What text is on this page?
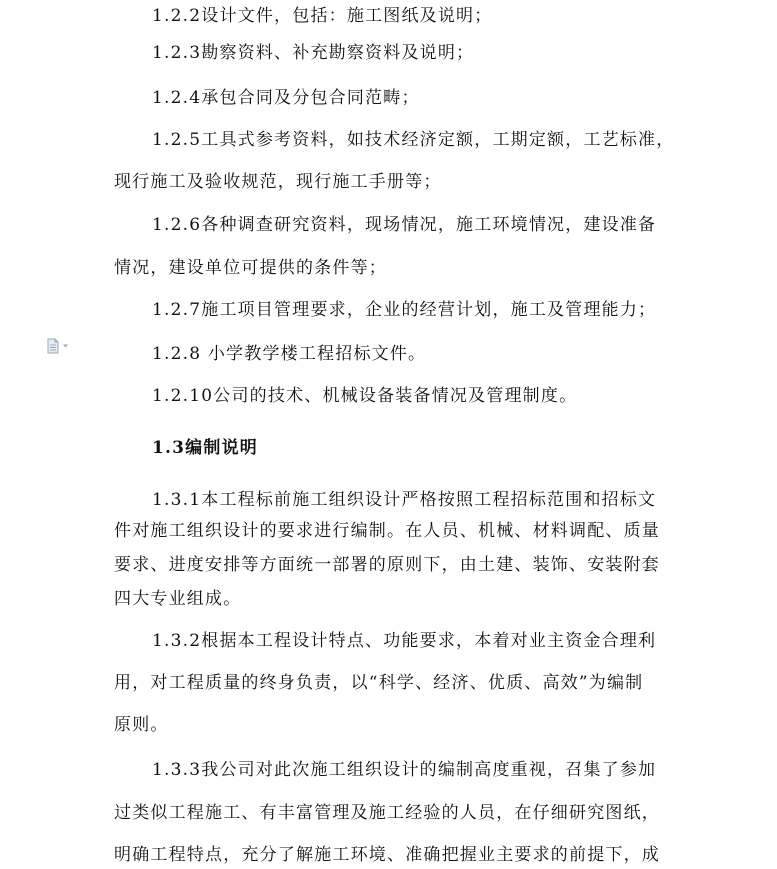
1.2.2设计文件，包括：施工图纸及说明；
1.2.3勘察资料、补充勘察资料及说明；
1.2.4承包合同及分包合同范畴；
1.2.5工具式参考资料，如技术经济定额，工期定额，工艺标准，
现行施工及验收规范，现行施工手册等；
1.2.6各种调查研究资料，现场情况，施工环境情况，建设准备
情况，建设单位可提供的条件等；
1.2.7施工项目管理要求，企业的经营计划，施工及管理能力；
1.2.8 小学教学楼工程招标文件。
1.2.10公司的技术、机械设备装备情况及管理制度。
1.3编制说明
1.3.1本工程标前施工组织设计严格按照工程招标范围和招标文
件对施工组织设计的要求进行编制。在人员、机械、材料调配、质量
要求、进度安排等方面统一部署的原则下，由土建、装饰、安装附套
四大专业组成。
1.3.2根据本工程设计特点、功能要求，本着对业主资金合理利
用，对工程质量的终身负责，以“科学、经济、优质、高效”为编制
原则。
1.3.3我公司对此次施工组织设计的编制高度重视，召集了参加
过类似工程施工、有丰富管理及施工经验的人员，在仔细研究图纸，
明确工程特点，充分了解施工环境、准确把握业主要求的前提下，成
